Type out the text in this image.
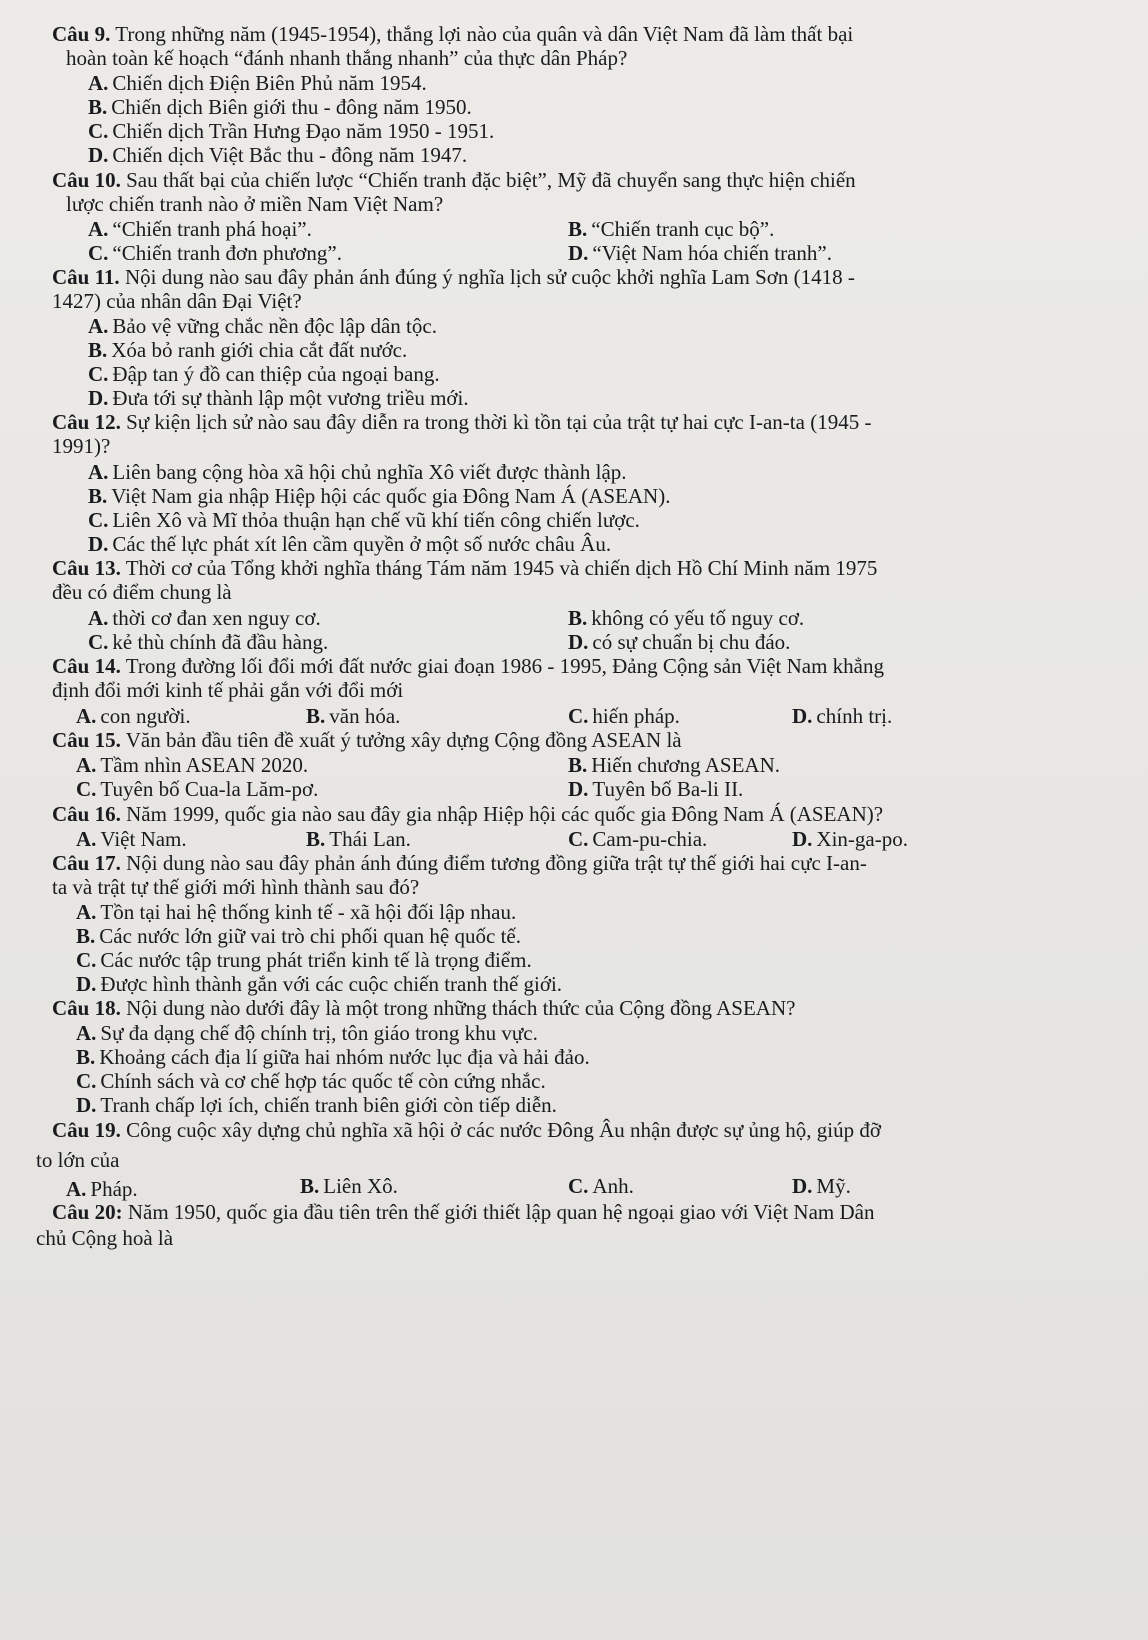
Câu 9. Trong những năm (1945-1954), thắng lợi nào của quân và dân Việt Nam đã làm thất bại
hoàn toàn kế hoạch “đánh nhanh thắng nhanh” của thực dân Pháp?
A. Chiến dịch Điện Biên Phủ năm 1954.
B. Chiến dịch Biên giới thu - đông năm 1950.
C. Chiến dịch Trần Hưng Đạo năm 1950 - 1951.
D. Chiến dịch Việt Bắc thu - đông năm 1947.
Câu 10. Sau thất bại của chiến lược “Chiến tranh đặc biệt”, Mỹ đã chuyển sang thực hiện chiến
lược chiến tranh nào ở miền Nam Việt Nam?
A. “Chiến tranh phá hoại”.	B. “Chiến tranh cục bộ”.
C. “Chiến tranh đơn phương”.	D. “Việt Nam hóa chiến tranh”.
Câu 11. Nội dung nào sau đây phản ánh đúng ý nghĩa lịch sử cuộc khởi nghĩa Lam Sơn (1418 -
1427) của nhân dân Đại Việt?
A. Bảo vệ vững chắc nền độc lập dân tộc.
B. Xóa bỏ ranh giới chia cắt đất nước.
C. Đập tan ý đồ can thiệp của ngoại bang.
D. Đưa tới sự thành lập một vương triều mới.
Câu 12. Sự kiện lịch sử nào sau đây diễn ra trong thời kì tồn tại của trật tự hai cực I-an-ta (1945 -
1991)?
A. Liên bang cộng hòa xã hội chủ nghĩa Xô viết được thành lập.
B. Việt Nam gia nhập Hiệp hội các quốc gia Đông Nam Á (ASEAN).
C. Liên Xô và Mĩ thỏa thuận hạn chế vũ khí tiến công chiến lược.
D. Các thế lực phát xít lên cầm quyền ở một số nước châu Âu.
Câu 13. Thời cơ của Tổng khởi nghĩa tháng Tám năm 1945 và chiến dịch Hồ Chí Minh năm 1975
đều có điểm chung là
A. thời cơ đan xen nguy cơ.	B. không có yếu tố nguy cơ.
C. kẻ thù chính đã đầu hàng.	D. có sự chuẩn bị chu đáo.
Câu 14. Trong đường lối đổi mới đất nước giai đoạn 1986 - 1995, Đảng Cộng sản Việt Nam khẳng
định đổi mới kinh tế phải gắn với đổi mới
A. con người.	B. văn hóa.	C. hiến pháp.	D. chính trị.
Câu 15. Văn bản đầu tiên đề xuất ý tưởng xây dựng Cộng đồng ASEAN là
A. Tầm nhìn ASEAN 2020.	B. Hiến chương ASEAN.
C. Tuyên bố Cua-la Lăm-pơ.	D. Tuyên bố Ba-li II.
Câu 16. Năm 1999, quốc gia nào sau đây gia nhập Hiệp hội các quốc gia Đông Nam Á (ASEAN)?
A. Việt Nam.	B. Thái Lan.	C. Cam-pu-chia.	D. Xin-ga-po.
Câu 17. Nội dung nào sau đây phản ánh đúng điểm tương đồng giữa trật tự thế giới hai cực I-an-
ta và trật tự thế giới mới hình thành sau đó?
A. Tồn tại hai hệ thống kinh tế - xã hội đối lập nhau.
B. Các nước lớn giữ vai trò chi phối quan hệ quốc tế.
C. Các nước tập trung phát triển kinh tế là trọng điểm.
D. Được hình thành gắn với các cuộc chiến tranh thế giới.
Câu 18. Nội dung nào dưới đây là một trong những thách thức của Cộng đồng ASEAN?
A. Sự đa dạng chế độ chính trị, tôn giáo trong khu vực.
B. Khoảng cách địa lí giữa hai nhóm nước lục địa và hải đảo.
C. Chính sách và cơ chế hợp tác quốc tế còn cứng nhắc.
D. Tranh chấp lợi ích, chiến tranh biên giới còn tiếp diễn.
Câu 19. Công cuộc xây dựng chủ nghĩa xã hội ở các nước Đông Âu nhận được sự ủng hộ, giúp đỡ
to lớn của
A. Pháp.	B. Liên Xô.	C. Anh.	D. Mỹ.
Câu 20: Năm 1950, quốc gia đầu tiên trên thế giới thiết lập quan hệ ngoại giao với Việt Nam Dân
chủ Cộng hoà là
